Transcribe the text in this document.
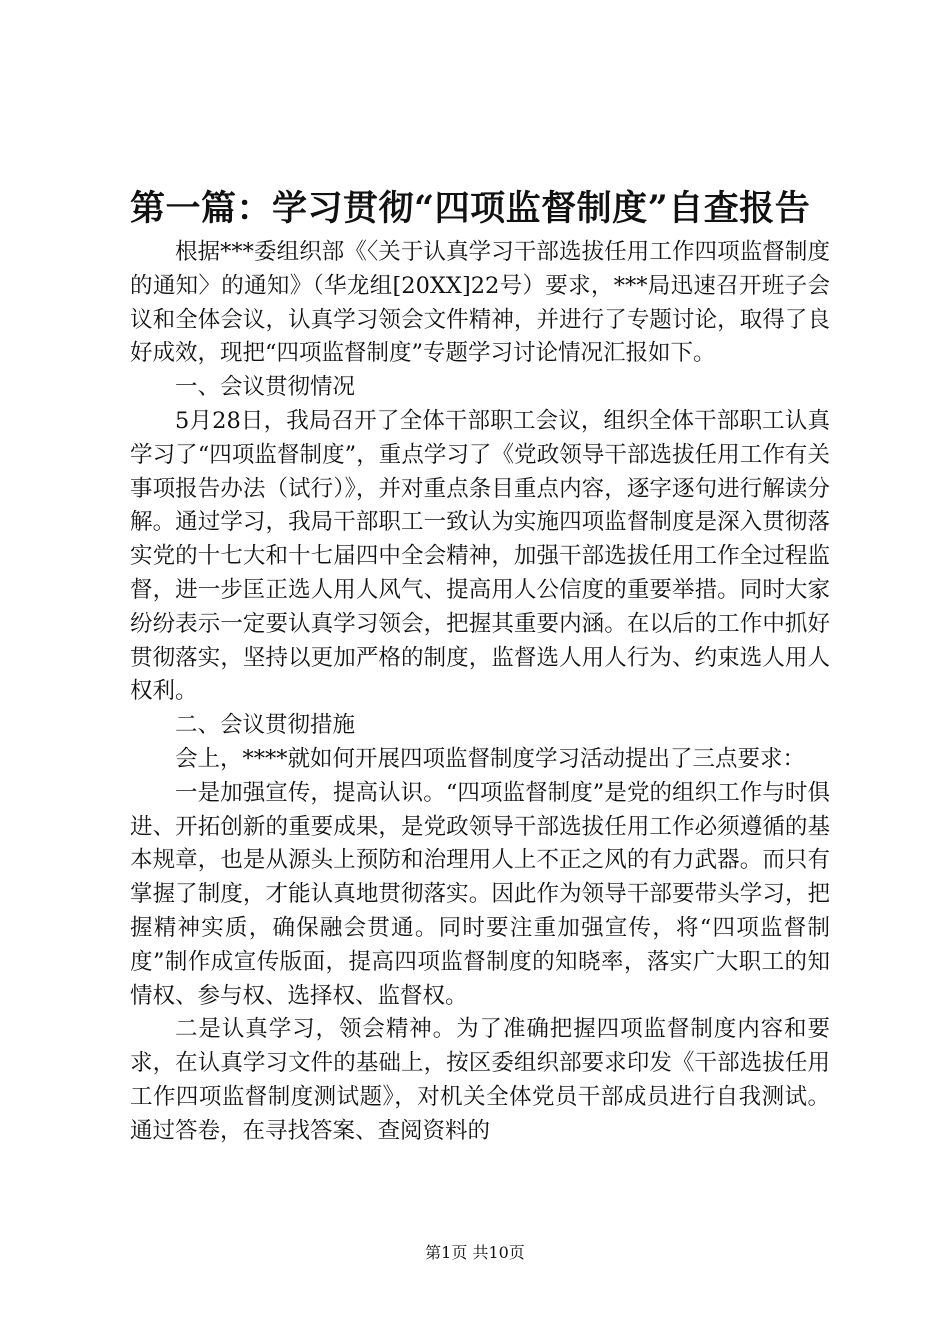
第一篇：学习贯彻“四项监督制度”自查报告

根据***委组织部《〈关于认真学习干部选拔任用工作四项监督制度的通知〉的通知》（华龙组[20XX]22号）要求，***局迅速召开班子会议和全体会议，认真学习领会文件精神，并进行了专题讨论，取得了良好成效，现把“四项监督制度”专题学习讨论情况汇报如下。

一、会议贯彻情况

5月28日，我局召开了全体干部职工会议，组织全体干部职工认真学习了“四项监督制度”，重点学习了《党政领导干部选拔任用工作有关事项报告办法（试行）》，并对重点条目重点内容，逐字逐句进行解读分解。通过学习，我局干部职工一致认为实施四项监督制度是深入贯彻落实党的十七大和十七届四中全会精神，加强干部选拔任用工作全过程监督，进一步匡正选人用人风气、提高用人公信度的重要举措。同时大家纷纷表示一定要认真学习领会，把握其重要内涵。在以后的工作中抓好贯彻落实，坚持以更加严格的制度，监督选人用人行为、约束选人用人权利。

二、会议贯彻措施

会上，****就如何开展四项监督制度学习活动提出了三点要求：

一是加强宣传，提高认识。“四项监督制度”是党的组织工作与时俱进、开拓创新的重要成果，是党政领导干部选拔任用工作必须遵循的基本规章，也是从源头上预防和治理用人上不正之风的有力武器。而只有掌握了制度，才能认真地贯彻落实。因此作为领导干部要带头学习，把握精神实质，确保融会贯通。同时要注重加强宣传，将“四项监督制度”制作成宣传版面，提高四项监督制度的知晓率，落实广大职工的知情权、参与权、选择权、监督权。

二是认真学习，领会精神。为了准确把握四项监督制度内容和要求，在认真学习文件的基础上，按区委组织部要求印发《干部选拔任用工作四项监督制度测试题》，对机关全体党员干部成员进行自我测试。通过答卷，在寻找答案、查阅资料的

第1页 共10页
